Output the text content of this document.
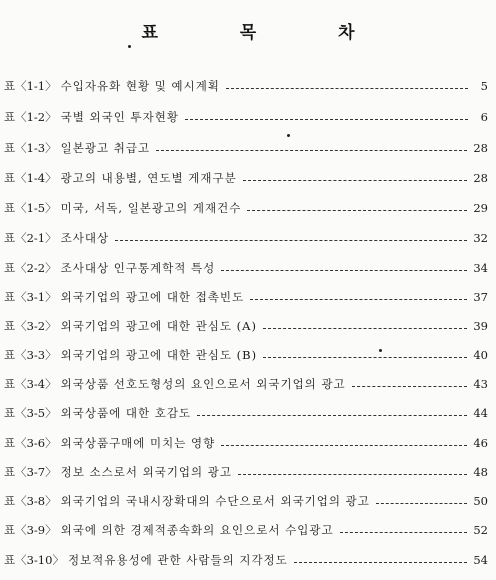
표 목 차
표〈1-1〉 수입자유화 현황 및 예시계획	5
표〈1-2〉 국별 외국인 투자현황	6
표〈1-3〉 일본광고 취급고	28
표〈1-4〉 광고의 내용별, 연도별 게재구분	28
표〈1-5〉 미국, 서독, 일본광고의 게재건수	29
표〈2-1〉 조사대상	32
표〈2-2〉 조사대상 인구통계학적 특성	34
표〈3-1〉 외국기업의 광고에 대한 접촉빈도	37
표〈3-2〉 외국기업의 광고에 대한 관심도 (A)	39
표〈3-3〉 외국기업의 광고에 대한 관심도 (B)	40
표〈3-4〉 외국상품 선호도형성의 요인으로서 외국기업의 광고	43
표〈3-5〉 외국상품에 대한 호감도	44
표〈3-6〉 외국상품구매에 미치는 영향	46
표〈3-7〉 정보 소스로서 외국기업의 광고	48
표〈3-8〉 외국기업의 국내시장확대의 수단으로서 외국기업의 광고	50
표〈3-9〉 외국에 의한 경제적종속화의 요인으로서 수입광고	52
표〈3-10〉 정보적유용성에 관한 사람들의 지각정도	54
